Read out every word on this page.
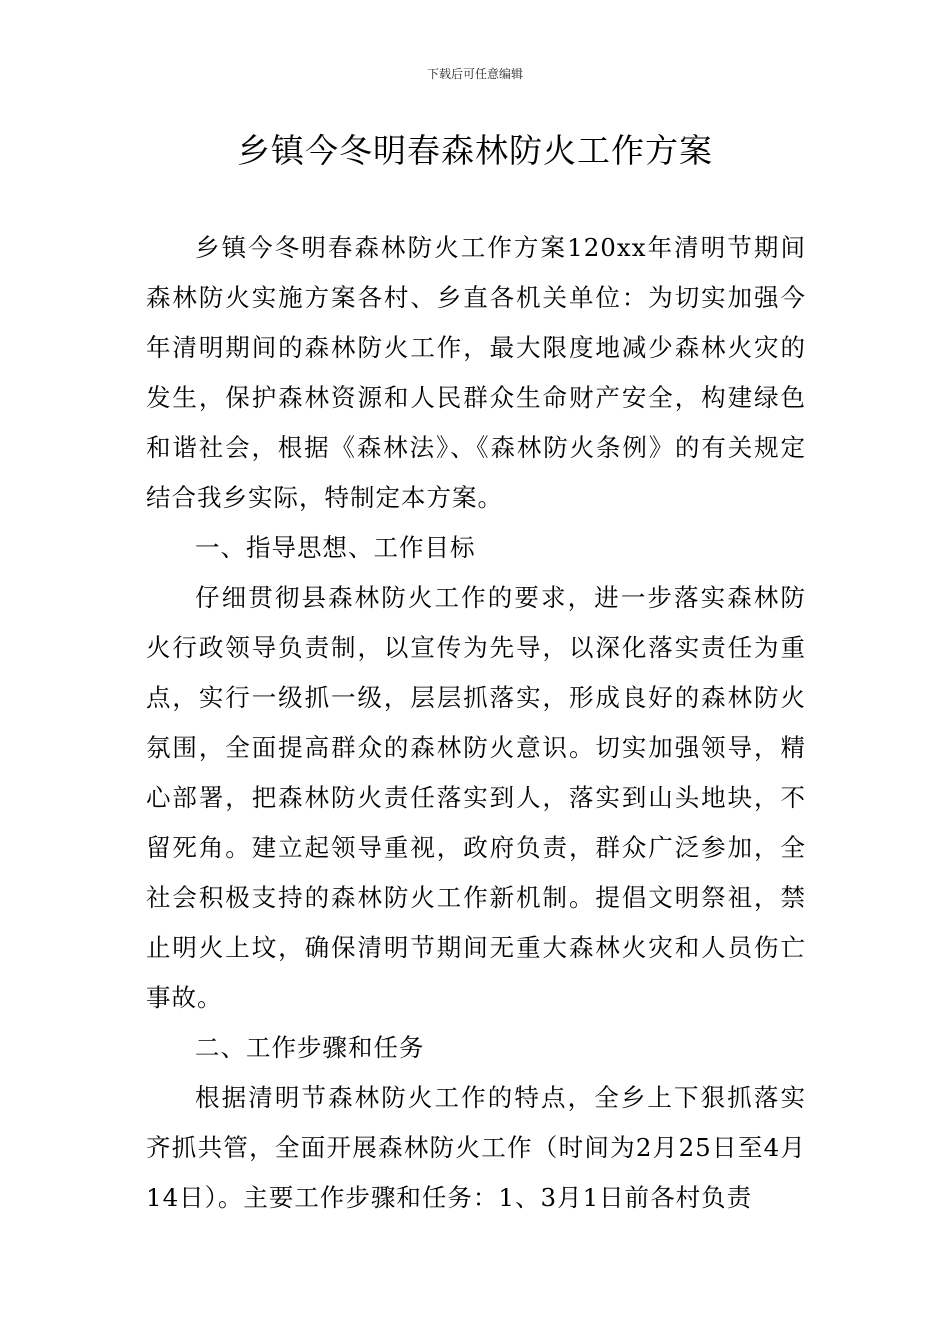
下载后可任意编辑
乡镇今冬明春森林防火工作方案

乡镇今冬明春森林防火工作方案120xx年清明节期间森林防火实施方案各村、乡直各机关单位：为切实加强今年清明期间的森林防火工作，最大限度地减少森林火灾的发生，保护森林资源和人民群众生命财产安全，构建绿色和谐社会，根据《森林法》、《森林防火条例》的有关规定结合我乡实际，特制定本方案。

一、指导思想、工作目标

仔细贯彻县森林防火工作的要求，进一步落实森林防火行政领导负责制，以宣传为先导，以深化落实责任为重点，实行一级抓一级，层层抓落实，形成良好的森林防火氛围，全面提高群众的森林防火意识。切实加强领导，精心部署，把森林防火责任落实到人，落实到山头地块，不留死角。建立起领导重视，政府负责，群众广泛参加，全社会积极支持的森林防火工作新机制。提倡文明祭祖，禁止明火上坟，确保清明节期间无重大森林火灾和人员伤亡事故。

二、工作步骤和任务

根据清明节森林防火工作的特点，全乡上下狠抓落实齐抓共管，全面开展森林防火工作（时间为2月25日至4月14日）。主要工作步骤和任务：1、3月1日前各村负责
